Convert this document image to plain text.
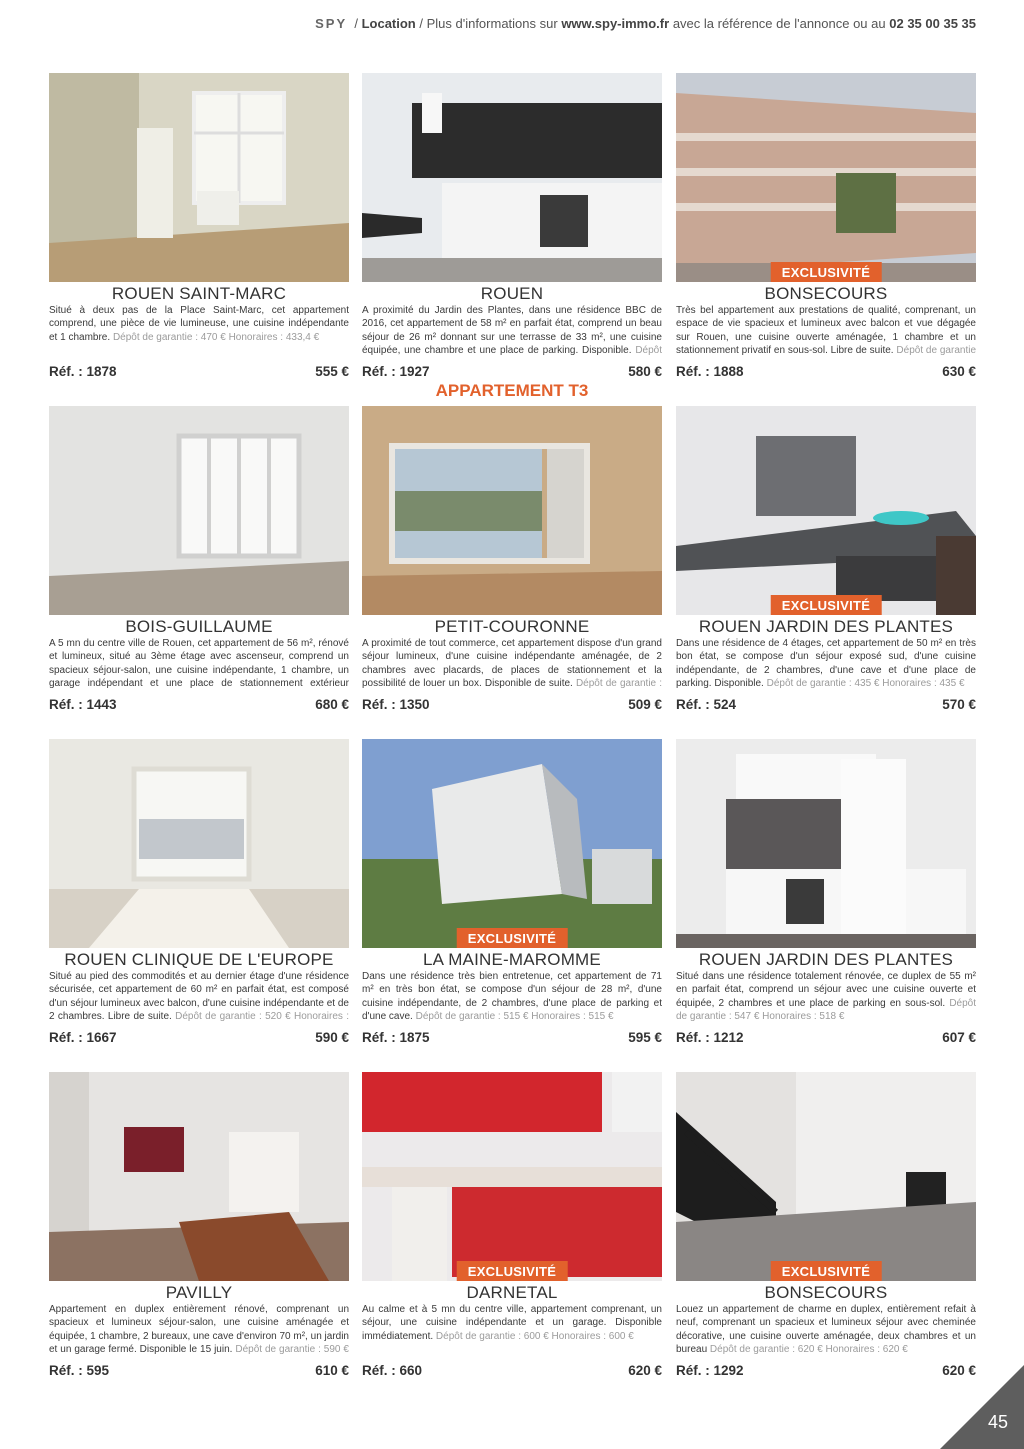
SPY  / Location / Plus d'informations sur www.spy-immo.fr avec la référence de l'annonce ou au 02 35 00 35 35
APPARTEMENT T3
ROUEN SAINT-MARC
Situé à deux pas de la Place Saint-Marc, cet appartement comprend, une pièce de vie lumineuse, une cuisine indépendante et 1 chambre. Dépôt de garantie : 470 € Honoraires : 433,4 €
Réf. : 1878	555 €
ROUEN
A proximité du Jardin des Plantes, dans une résidence BBC de 2016, cet appartement de 58 m² en parfait état, comprend un beau séjour de 26 m² donnant sur une terrasse de 33 m², une cuisine équipée, une chambre et une place de parking. Disponible. Dépôt
Réf. : 1927	580 €
EXCLUSIVITÉ
BONSECOURS
Très bel appartement aux prestations de qualité, comprenant, un espace de vie spacieux et lumineux avec balcon et vue dégagée sur Rouen, une cuisine ouverte aménagée, 1 chambre et un stationnement privatif en sous-sol. Libre de suite. Dépôt de garantie
Réf. : 1888	630 €
BOIS-GUILLAUME
A 5 mn du centre ville de Rouen, cet appartement de 56 m², rénové et lumineux, situé au 3ème étage avec ascenseur, comprend un spacieux séjour-salon, une cuisine indépendante, 1 chambre, un garage indépendant et une place de stationnement extérieur
Réf. : 1443	680 €
PETIT-COURONNE
A proximité de tout commerce, cet appartement dispose d'un grand séjour lumineux, d'une cuisine indépendante aménagée, de 2 chambres avec placards, de places de stationnement et la possibilité de louer un box. Disponible de suite. Dépôt de garantie :
Réf. : 1350	509 €
EXCLUSIVITÉ
ROUEN JARDIN DES PLANTES
Dans une résidence de 4 étages, cet appartement de 50 m² en très bon état, se compose d'un séjour exposé sud, d'une cuisine indépendante, de 2 chambres, d'une cave et d'une place de parking. Disponible. Dépôt de garantie : 435 € Honoraires : 435 €
Réf. : 524	570 €
ROUEN CLINIQUE DE L'EUROPE
Situé au pied des commodités et au dernier étage d'une résidence sécurisée, cet appartement de 60 m² en parfait état, est composé d'un séjour lumineux avec balcon, d'une cuisine indépendante et de 2 chambres. Libre de suite. Dépôt de garantie : 520 € Honoraires :
Réf. : 1667	590 €
EXCLUSIVITÉ
LA MAINE-MAROMME
Dans une résidence très bien entretenue, cet appartement de 71 m² en très bon état, se compose d'un séjour de 28 m², d'une cuisine indépendante, de 2 chambres, d'une place de parking et d'une cave. Dépôt de garantie : 515 € Honoraires : 515 €
Réf. : 1875	595 €
ROUEN JARDIN DES PLANTES
Situé dans une résidence totalement rénovée, ce duplex de 55 m² en parfait état, comprend un séjour avec une cuisine ouverte et équipée, 2 chambres et une place de parking en sous-sol. Dépôt de garantie : 547 € Honoraires : 518 €
Réf. : 1212	607 €
PAVILLY
Appartement en duplex entièrement rénové, comprenant un spacieux et lumineux séjour-salon, une cuisine aménagée et équipée, 1 chambre, 2 bureaux, une cave d'environ 70 m², un jardin et un garage fermé. Disponible le 15 juin. Dépôt de garantie : 590 €
Réf. : 595	610 €
EXCLUSIVITÉ
DARNETAL
Au calme et à 5 mn du centre ville, appartement comprenant, un séjour, une cuisine indépendante et un garage. Disponible immédiatement. Dépôt de garantie : 600 € Honoraires : 600 €
Réf. : 660	620 €
EXCLUSIVITÉ
BONSECOURS
Louez un appartement de charme en duplex, entièrement refait à neuf, comprenant un spacieux et lumineux séjour avec cheminée décorative, une cuisine ouverte aménagée, deux chambres et un bureau Dépôt de garantie : 620 € Honoraires : 620 €
Réf. : 1292	620 €
45
